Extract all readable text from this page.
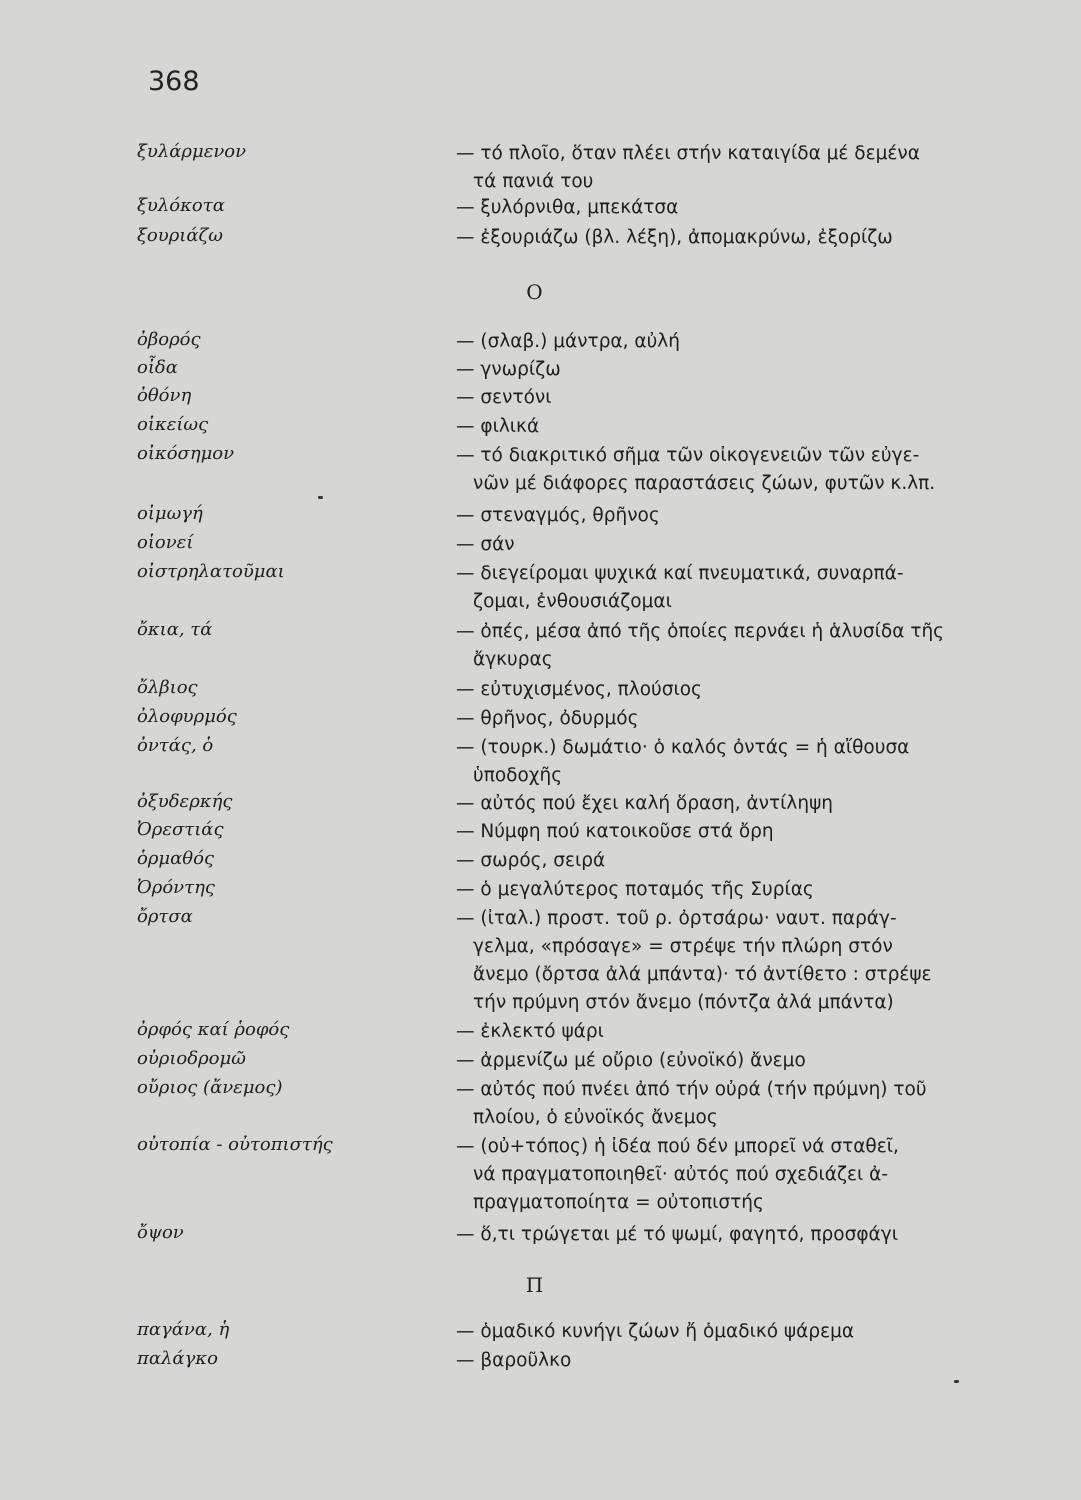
368
ξυλάρμενον	— τό πλοῖο, ὅταν πλέει στήν καταιγίδα μέ δεμένα
τά πανιά του
ξυλόκοτα	— ξυλόρνιθα, μπεκάτσα
ξουριάζω	— ἐξουριάζω (βλ. λέξη), ἀπομακρύνω, ἐξορίζω
Ο
ὀβορός	— (σλαβ.) μάντρα, αὐλή
οἶδα	— γνωρίζω
ὀθόνη	— σεντόνι
οἰκείως	— φιλικά
οἰκόσημον	— τό διακριτικό σῆμα τῶν οἰκογενειῶν τῶν εὐγε-
νῶν μέ διάφορες παραστάσεις ζώων, φυτῶν κ.λπ.
οἰμωγή	— στεναγμός, θρῆνος
οἱονεί	— σάν
οἰστρηλατοῦμαι	— διεγείρομαι ψυχικά καί πνευματικά, συναρπά-
ζομαι, ἐνθουσιάζομαι
ὄκια, τά	— ὀπές, μέσα ἀπό τῆς ὁποίες περνάει ἡ ἁλυσίδα τῆς
ἄγκυρας
ὄλβιος	— εὐτυχισμένος, πλούσιος
ὀλοφυρμός	— θρῆνος, ὀδυρμός
ὀντάς, ὁ	— (τουρκ.) δωμάτιο· ὁ καλός ὀντάς = ἡ αἴθουσα
ὑποδοχῆς
ὀξυδερκής	— αὐτός πού ἔχει καλή ὅραση, ἀντίληψη
Ὀρεστιάς	— Νύμφη πού κατοικοῦσε στά ὄρη
ὁρμαθός	— σωρός, σειρά
Ὀρόντης	— ὁ μεγαλύτερος ποταμός τῆς Συρίας
ὄρτσα	— (ἰταλ.) προστ. τοῦ ρ. ὀρτσάρω· ναυτ. παράγ-
γελμα, «πρόσαγε» = στρέψε τήν πλώρη στόν
ἄνεμο (ὄρτσα ἀλά μπάντα)· τό ἀντίθετο : στρέψε
τήν πρύμνη στόν ἄνεμο (πόντζα ἀλά μπάντα)
ὀρφός καί ῥοφός	— ἐκλεκτό ψάρι
οὐριοδρομῶ	— ἀρμενίζω μέ οὔριο (εὐνοϊκό) ἄνεμο
οὔριος (ἄνεμος)	— αὐτός πού πνέει ἀπό τήν οὐρά (τήν πρύμνη) τοῦ
πλοίου, ὁ εὐνοϊκός ἄνεμος
οὐτοπία - οὐτοπιστής	— (οὐ+τόπος) ἡ ἰδέα πού δέν μπορεῖ νά σταθεῖ,
νά πραγματοποιηθεῖ· αὐτός πού σχεδιάζει ἀ-
πραγματοποίητα = οὐτοπιστής
ὄψον	— ὅ,τι τρώγεται μέ τό ψωμί, φαγητό, προσφάγι
Π
παγάνα, ἡ	— ὁμαδικό κυνήγι ζώων ἤ ὁμαδικό ψάρεμα
παλάγκο	— βαροῦλκο
